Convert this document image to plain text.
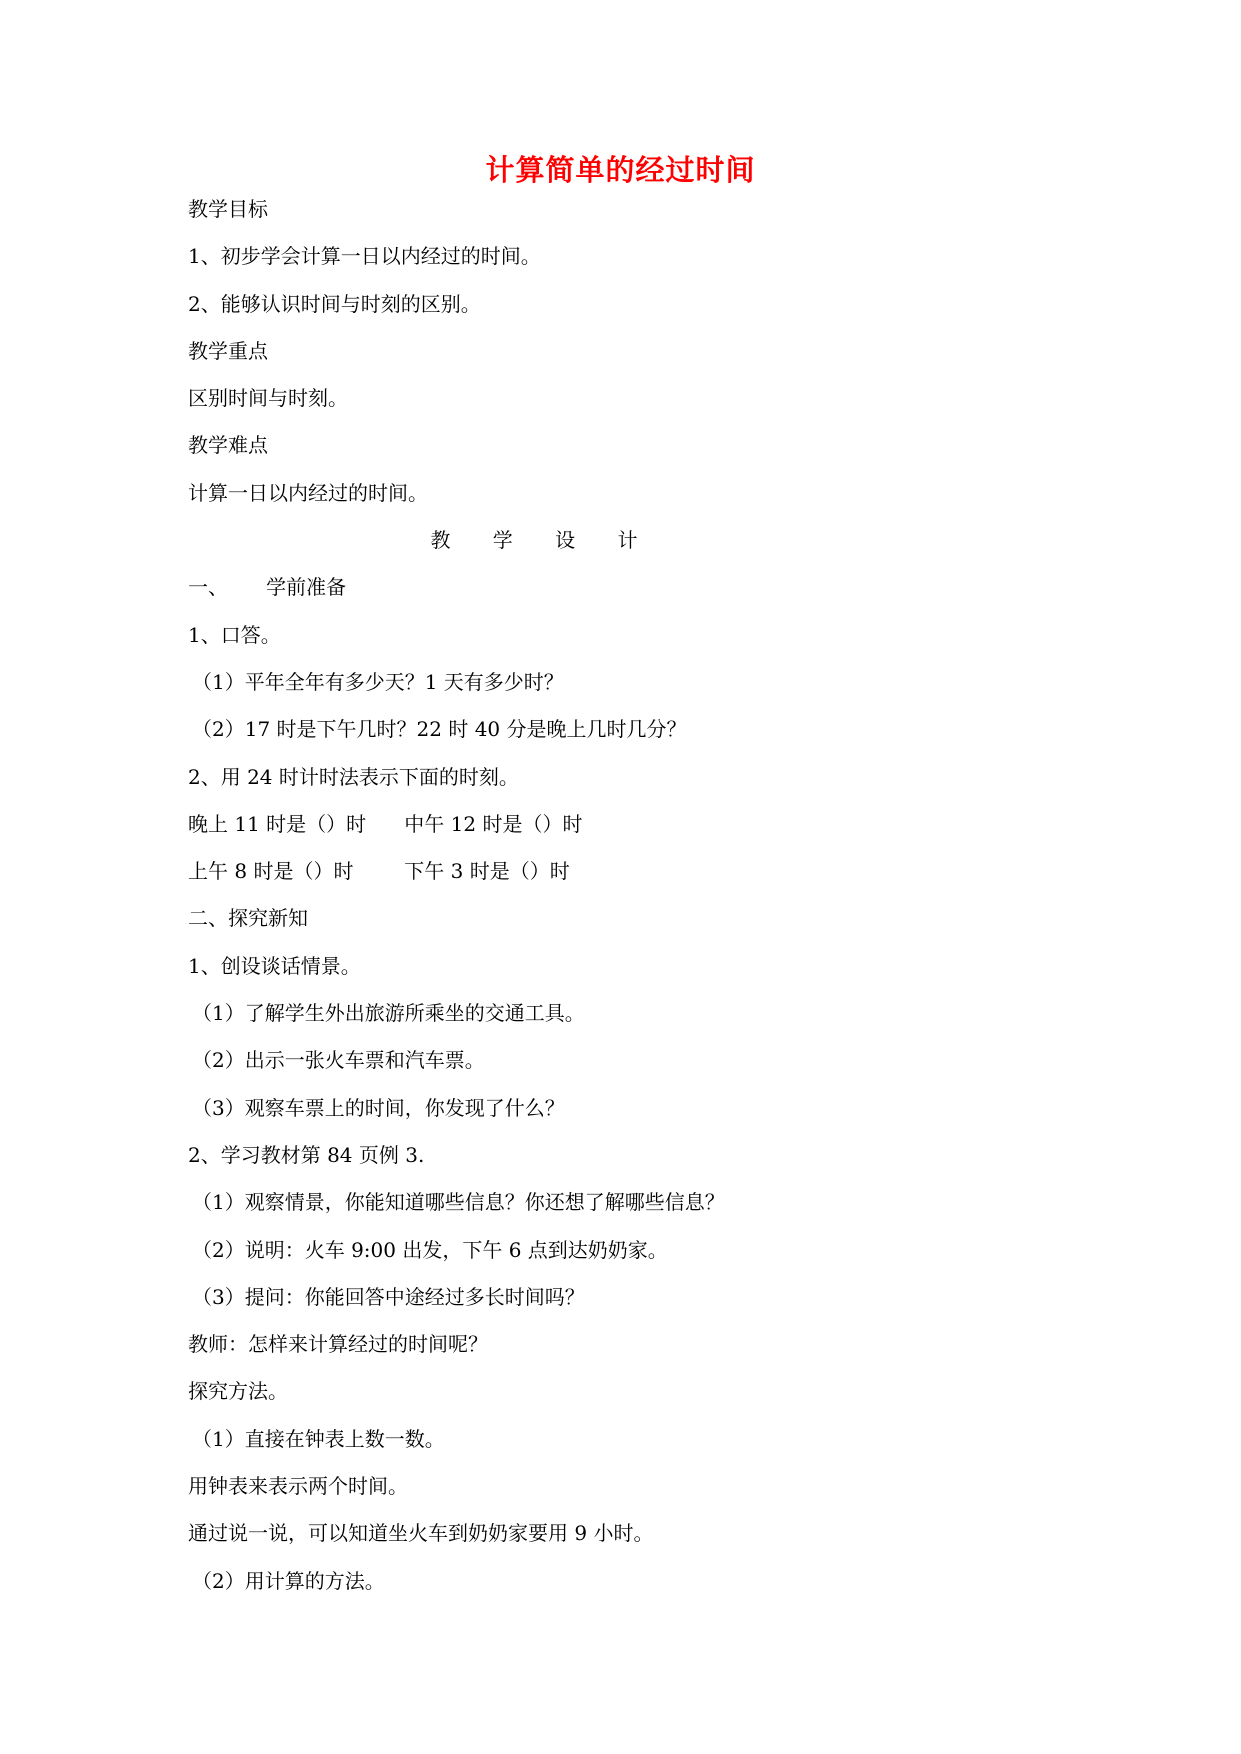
计算简单的经过时间
教学目标
1、初步学会计算一日以内经过的时间。
2、能够认识时间与时刻的区别。
教学重点
区别时间与时刻。
教学难点
计算一日以内经过的时间。
教 学 设 计
一、      学前准备
1、口答。
（1）平年全年有多少天？1 天有多少时？
（2）17 时是下午几时？22 时 40 分是晚上几时几分？
2、用 24 时计时法表示下面的时刻。
晚上 11 时是（）时      中午 12 时是（）时
上午 8 时是（）时        下午 3 时是（）时
二、探究新知
1、创设谈话情景。
（1）了解学生外出旅游所乘坐的交通工具。
（2）出示一张火车票和汽车票。
（3）观察车票上的时间，你发现了什么？
2、学习教材第 84 页例 3.
（1）观察情景，你能知道哪些信息？你还想了解哪些信息？
（2）说明：火车 9:00 出发，下午 6 点到达奶奶家。
（3）提问：你能回答中途经过多长时间吗？
教师：怎样来计算经过的时间呢？
探究方法。
（1）直接在钟表上数一数。
用钟表来表示两个时间。
通过说一说，可以知道坐火车到奶奶家要用 9 小时。
（2）用计算的方法。
